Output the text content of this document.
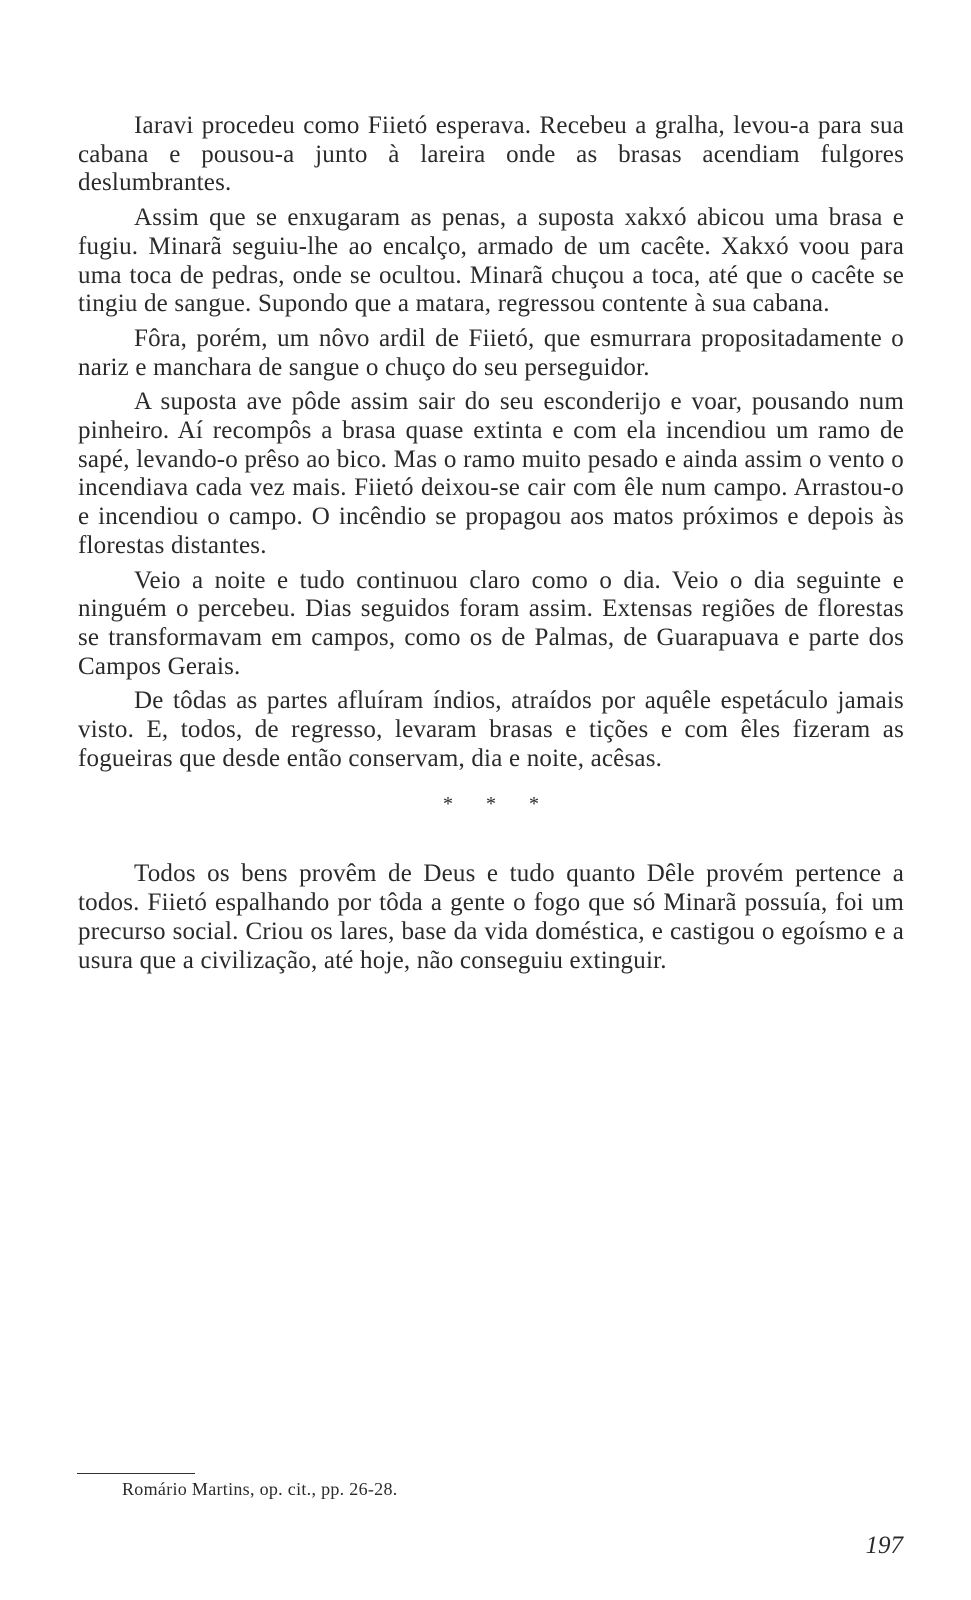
Iaravi procedeu como Fiietó esperava. Recebeu a gralha, levou-a para sua cabana e pousou-a junto à lareira onde as brasas acendiam fulgores deslumbrantes.

Assim que se enxugaram as penas, a suposta xakxó abicou uma brasa e fugiu. Minarã seguiu-lhe ao encalço, armado de um cacête. Xakxó voou para uma toca de pedras, onde se ocultou. Minarã chuçou a toca, até que o cacête se tingiu de sangue. Supondo que a matara, regressou contente à sua cabana.

Fôra, porém, um nôvo ardil de Fiietó, que esmurrara propositadamente o nariz e manchara de sangue o chuço do seu perseguidor.

A suposta ave pôde assim sair do seu esconderijo e voar, pousando num pinheiro. Aí recompôs a brasa quase extinta e com ela incendiou um ramo de sapé, levando-o prêso ao bico. Mas o ramo muito pesado e ainda assim o vento o incendiava cada vez mais. Fiietó deixou-se cair com êle num campo. Arrastou-o e incendiou o campo. O incêndio se propagou aos matos próximos e depois às florestas distantes.

Veio a noite e tudo continuou claro como o dia. Veio o dia seguinte e ninguém o percebeu. Dias seguidos foram assim. Extensas regiões de florestas se transformavam em campos, como os de Palmas, de Guarapuava e parte dos Campos Gerais.

De tôdas as partes afluíram índios, atraídos por aquêle espetáculo jamais visto. E, todos, de regresso, levaram brasas e tições e com êles fizeram as fogueiras que desde então conservam, dia e noite, acêsas.

* * *

Todos os bens provêm de Deus e tudo quanto Dêle provém pertence a todos. Fiietó espalhando por tôda a gente o fogo que só Minarã possuía, foi um precurso social. Criou os lares, base da vida doméstica, e castigou o egoísmo e a usura que a civilização, até hoje, não conseguiu extinguir.

Romário Martins, op. cit., pp. 26-28.
197
